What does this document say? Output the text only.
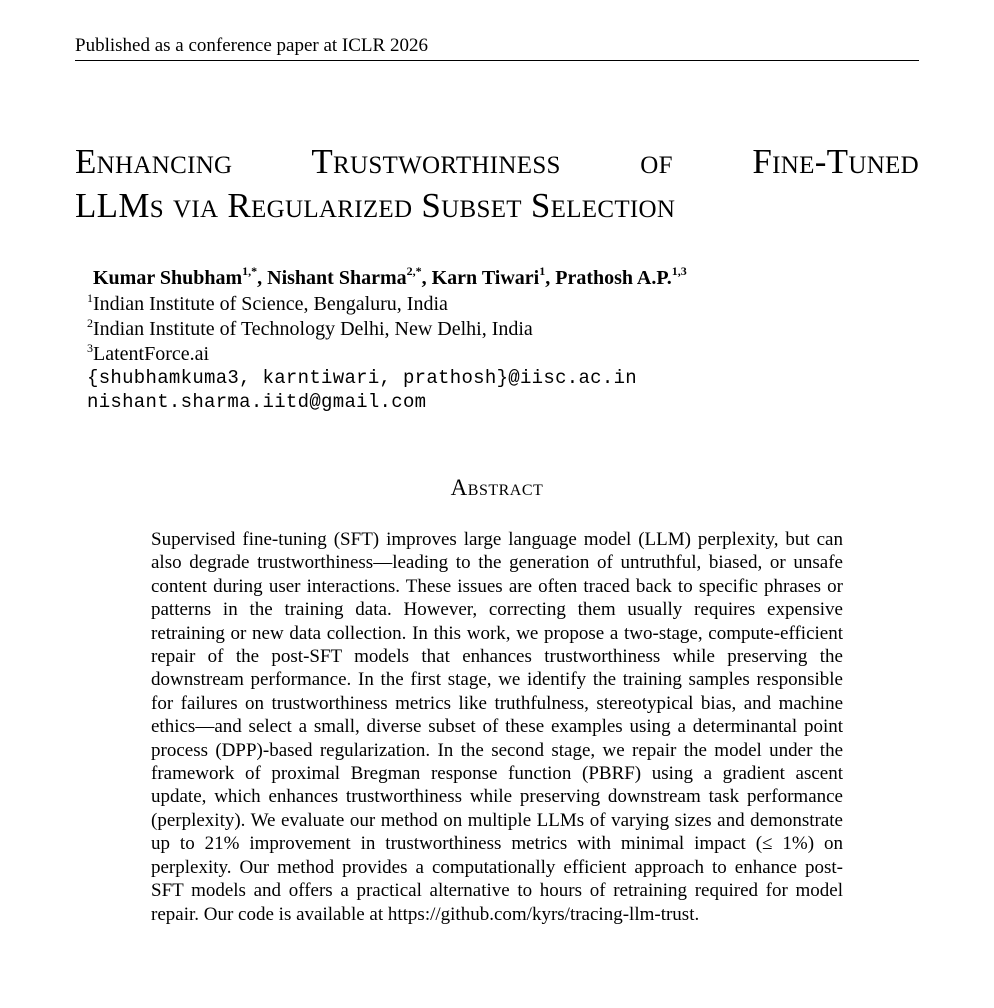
Published as a conference paper at ICLR 2026
Enhancing Trustworthiness of Fine-Tuned
LLMs via Regularized Subset Selection
Kumar Shubham$^{1,*}$, Nishant Sharma$^{2,*}$, Karn Tiwari$^1$, Prathosh A.P.$^{1,3}$
$^1$Indian Institute of Science, Bengaluru, India
$^2$Indian Institute of Technology Delhi, New Delhi, India
$^3$LatentForce.ai
{shubhamkuma3, karntiwari, prathosh}@iisc.ac.in
nishant.sharma.iitd@gmail.com
Abstract
Supervised fine-tuning (SFT) improves large language model (LLM) perplexity, but can also degrade trustworthiness—leading to the generation of untruthful, biased, or unsafe content during user interactions. These issues are often traced back to specific phrases or patterns in the training data. However, correcting them usually requires expensive retraining or new data collection. In this work, we propose a two-stage, compute-efficient repair of the post-SFT models that enhances trustworthiness while preserving the downstream performance. In the first stage, we identify the training samples responsible for failures on trustworthiness metrics like truthfulness, stereotypical bias, and machine ethics—and select a small, diverse subset of these examples using a determinantal point process (DPP)-based regularization. In the second stage, we repair the model under the framework of proximal Bregman response function (PBRF) using a gradient ascent update, which enhances trustworthiness while preserving downstream task performance (perplexity). We evaluate our method on multiple LLMs of varying sizes and demonstrate up to 21% improvement in trustworthiness metrics with minimal impact (≤ 1%) on perplexity. Our method provides a computationally efficient approach to enhance post-SFT models and offers a practical alternative to hours of retraining required for model repair. Our code is available at https://github.com/kyrs/tracing-llm-trust.
